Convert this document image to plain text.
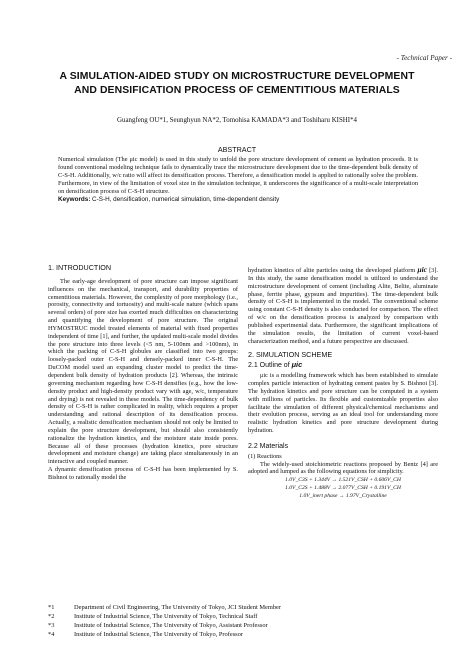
- Technical Paper -
A SIMULATION-AIDED STUDY ON MICROSTRUCTURE DEVELOPMENT
AND DENSIFICATION PROCESS OF CEMENTITIOUS MATERIALS
Guangfeng OU*1, Seunghyun NA*2, Tomohisa KAMADA*3 and Toshiharu KISHI*4
ABSTRACT

Numerical simulation (The μic model) is used in this study to unfold the pore structure development of cement as hydration proceeds. It is found conventional modeling technique fails to dynamically trace the microstructure development due to the time-dependent bulk density of C-S-H. Additionally, w/c ratio will affect its densification process. Therefore, a densification model is applied to rationally solve the problem. Furthermore, in view of the limitation of voxel size in the simulation technique, it underscores the significance of a multi-scale interpretation on densification process of C-S-H structure.

Keywords: C-S-H, densification, numerical simulation, time-dependent density

1. INTRODUCTION

The early-age development of pore structure can impose significant influences on the mechanical, transport, and durability properties of cementitious materials. However, the complexity of pore morphology (i.e., porosity, connectivity and tortuosity) and multi-scale nature (which spans several orders) of pore size has exerted much difficulties on characterizing and quantifying the development of pore structure. The original HYMOSTRUC model treated elements of material with fixed properties independent of time [1], and further, the updated multi-scale model divides the pore structure into three levels (<5 nm, 5-100nm and >100nm), in which the packing of C-S-H globules are classified into two groups: loosely-packed outer C-S-H and densely-packed inner C-S-H. The DuCOM model used an expanding cluster model to predict the time-dependent bulk density of hydration products [2]. Whereas, the intrinsic governing mechanism regarding how C-S-H densifies (e.g., how the low-density product and high-density product vary with age, w/c, temperature and drying) is not revealed in these models. The time-dependency of bulk density of C-S-H is rather complicated in reality, which requires a proper understanding and rational description of its densification process. Actually, a realistic densification mechanism should not only be limited to explain the pore structure development, but should also consistently rationalize the hydration kinetics, and the moisture state inside pores. Because all of these processes (hydration kinetics, pore structure development and moisture change) are taking place simultaneously in an interactive and coupled manner.

A dynamic densification process of C-S-H has been implemented by S. Bishnoi to rationally model the

hydration kinetics of alite particles using the developed platform μic [3]. In this study, the same densification model is utilized to understand the microstructure development of cement (including Alite, Belite, aluminate phase, ferrite phase, gypsum and impurities). The time-dependent bulk density of C-S-H is implemented in the model. The conventional scheme using constant C-S-H density is also conducted for comparison. The effect of w/c on the densification process is analyzed by comparison with published experimental data. Furthermore, the significant implications of the simulation results, the limitation of current voxel-based characterization method, and a future perspective are discussed.

2. SIMULATION SCHEME
2.1 Outline of μic

μic is a modelling framework which has been established to simulate complex particle interaction of hydrating cement pastes by S. Bishnoi [3]. The hydration kinetics and pore structure can be computed in a system with millions of particles. Its flexible and customizable properties also facilitate the simulation of different physical/chemical mechanisms and their evolution process, serving as an ideal tool for understanding more realistic hydration kinetics and pore structure development during hydration.

2.2 Materials

(1) Reactions

The widely-used stoichiometric reactions proposed by Bentz [4] are adopted and lumped as the following equations for simplicity.

1.0V_C3S + 1.344V → 1.521V_CSH + 0.606V_CH
1.0V_C2S + 1.488V → 2.077V_CSH + 0.191V_CH
1.0V_inert phase → 1.97V_Crystalline
*1	Department of Civil Engineering, The University of Tokyo, JCI Student Member
*2	Institute of Industrial Science, The University of Tokyo, Technical Staff
*3	Institute of Industrial Science, The University of Tokyo, Assistant Professor
*4	Institute of Industrial Science, The University of Tokyo, Professor
